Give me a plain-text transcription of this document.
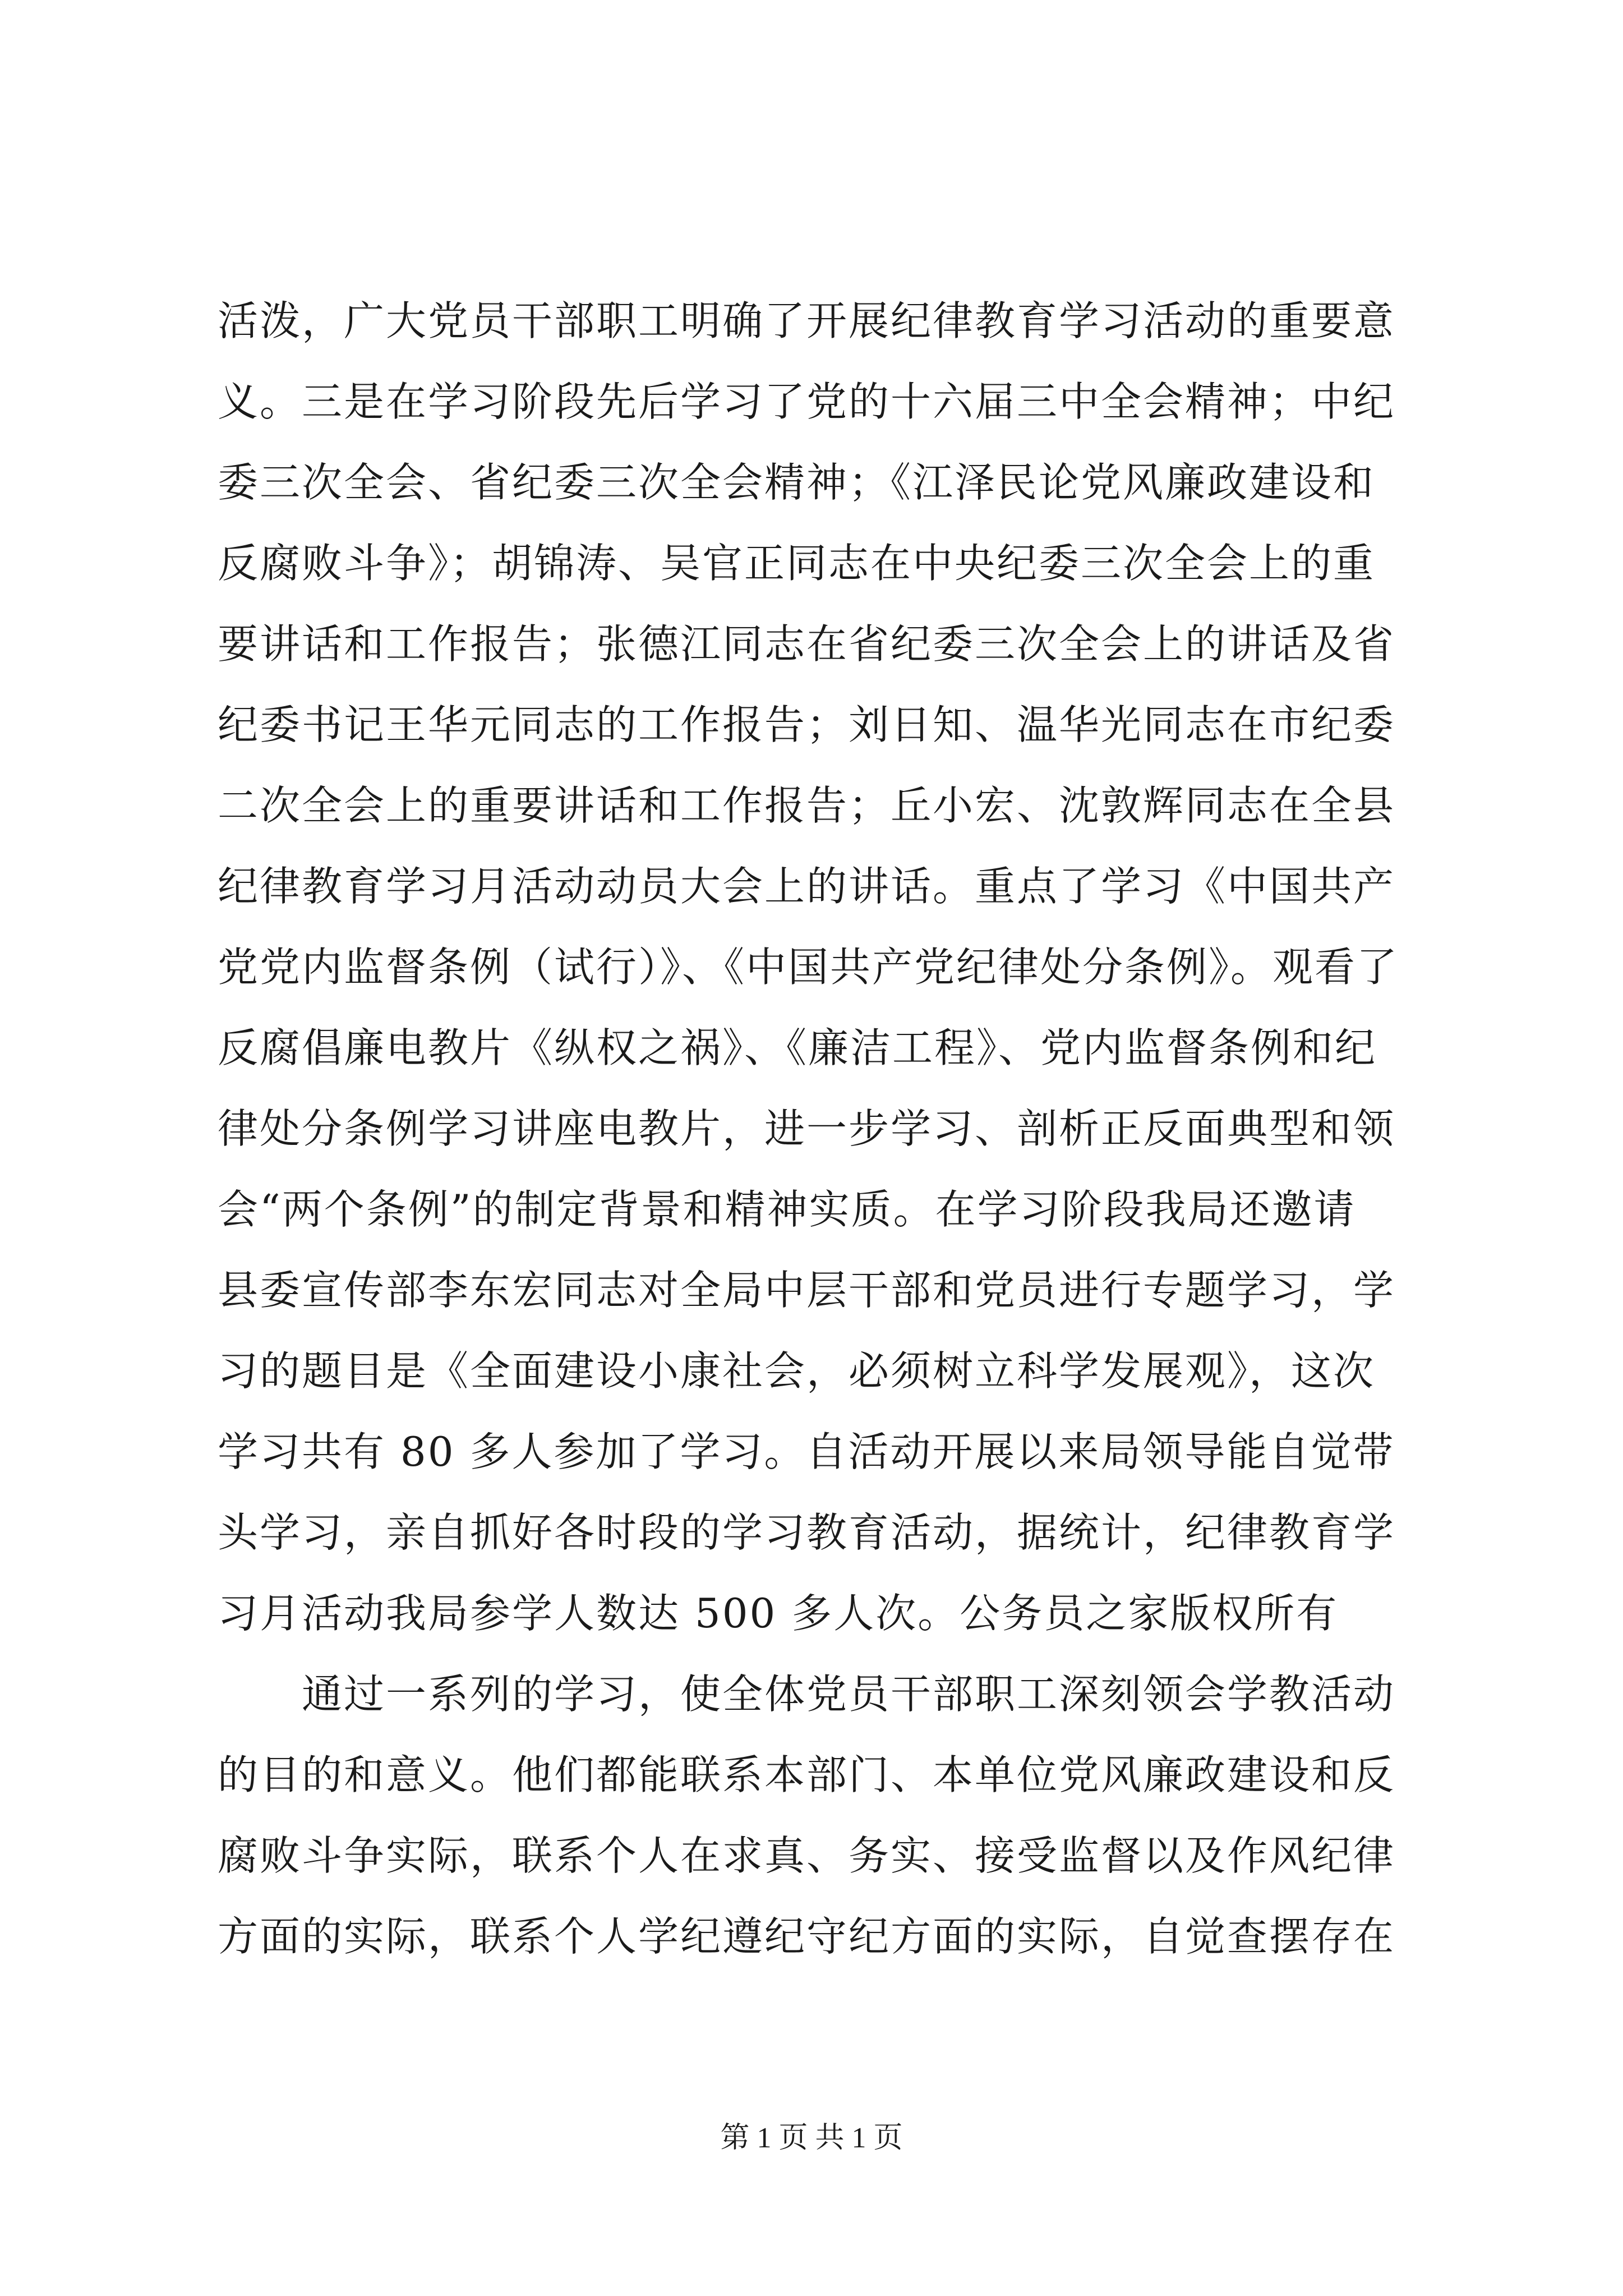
活泼，广大党员干部职工明确了开展纪律教育学习活动的重要意
义。三是在学习阶段先后学习了党的十六届三中全会精神；中纪
委三次全会、省纪委三次全会精神；《江泽民论党风廉政建设和
反腐败斗争》；胡锦涛、吴官正同志在中央纪委三次全会上的重
要讲话和工作报告；张德江同志在省纪委三次全会上的讲话及省
纪委书记王华元同志的工作报告；刘日知、温华光同志在市纪委
二次全会上的重要讲话和工作报告；丘小宏、沈敦辉同志在全县
纪律教育学习月活动动员大会上的讲话。重点了学习《中国共产
党党内监督条例（试行）》、《中国共产党纪律处分条例》。观看了
反腐倡廉电教片《纵权之祸》、《廉洁工程》、党内监督条例和纪
律处分条例学习讲座电教片，进一步学习、剖析正反面典型和领
会“两个条例”的制定背景和精神实质。在学习阶段我局还邀请
县委宣传部李东宏同志对全局中层干部和党员进行专题学习，学
习的题目是《全面建设小康社会，必须树立科学发展观》，这次
学习共有 80 多人参加了学习。自活动开展以来局领导能自觉带
头学习，亲自抓好各时段的学习教育活动，据统计，纪律教育学
习月活动我局参学人数达 500 多人次。公务员之家版权所有
　　通过一系列的学习，使全体党员干部职工深刻领会学教活动
的目的和意义。他们都能联系本部门、本单位党风廉政建设和反
腐败斗争实际，联系个人在求真、务实、接受监督以及作风纪律
方面的实际，联系个人学纪遵纪守纪方面的实际，自觉查摆存在
第 1 页 共 1 页
